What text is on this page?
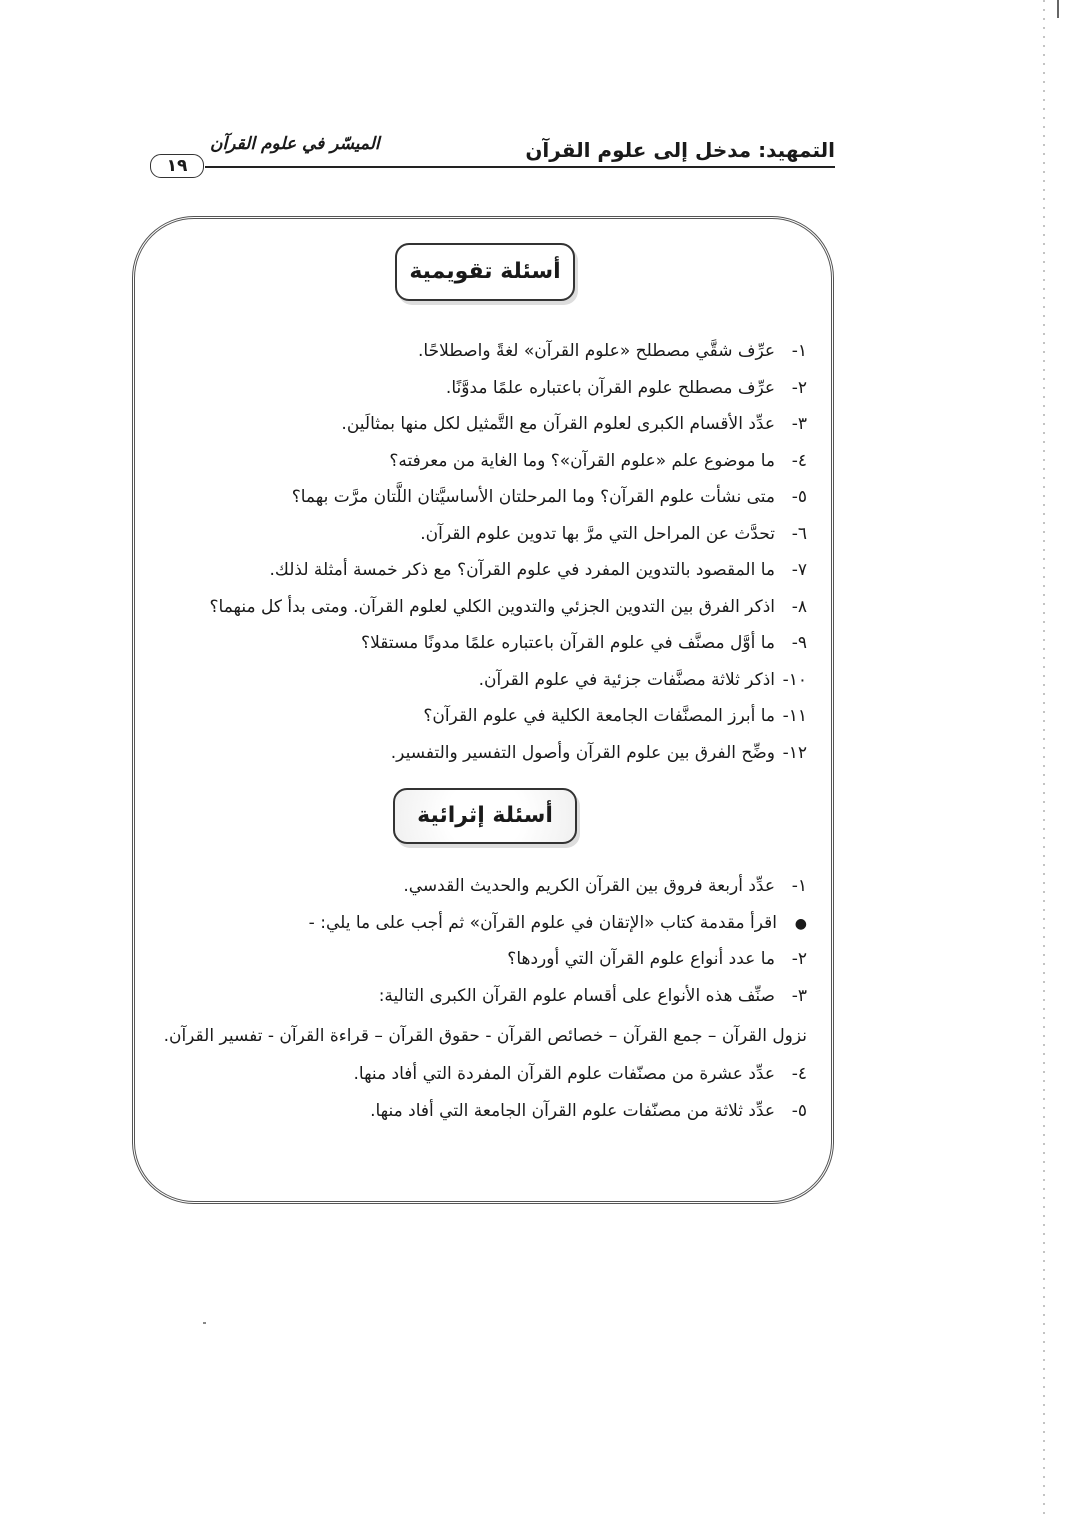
التمهيد: مدخل إلى علوم القرآن
الميسّر في علوم القرآن
١٩
أسئلة تقويمية
١-عرِّف شقَّي مصطلح «علوم القرآن» لغةً واصطلاحًا.
٢-عرِّف مصطلح علوم القرآن باعتباره علمًا مدوَّنًا.
٣-عدِّد الأقسام الكبرى لعلوم القرآن مع التَّمثيل لكل منها بمثالَين.
٤-ما موضوع علم «علوم القرآن»؟ وما الغاية من معرفته؟
٥-متى نشأت علوم القرآن؟ وما المرحلتان الأساسيَّتان اللَّتان مرَّت بهما؟
٦-تحدَّث عن المراحل التي مرَّ بها تدوين علوم القرآن.
٧-ما المقصود بالتدوين المفرد في علوم القرآن؟ مع ذكر خمسة أمثلة لذلك.
٨-اذكر الفرق بين التدوين الجزئي والتدوين الكلي لعلوم القرآن. ومتى بدأ كل منهما؟
٩-ما أوَّل مصنَّف في علوم القرآن باعتباره علمًا مدونًا مستقلا؟
١٠-اذكر ثلاثة مصنَّفات جزئية في علوم القرآن.
١١-ما أبرز المصنَّفات الجامعة الكلية في علوم القرآن؟
١٢-وضِّح الفرق بين علوم القرآن وأصول التفسير والتفسير.
أسئلة إثرائية
١-عدِّد أربعة فروق بين القرآن الكريم والحديث القدسي.
●اقرأ مقدمة كتاب «الإتقان في علوم القرآن» ثم أجب على ما يلي: -
٢-ما عدد أنواع علوم القرآن التي أوردها؟
٣-صنِّف هذه الأنواع على أقسام علوم القرآن الكبرى التالية:
نزول القرآن – جمع القرآن – خصائص القرآن - حقوق القرآن – قراءة القرآن - تفسير القرآن.
٤-عدِّد عشرة من مصنّفات علوم القرآن المفردة التي أفاد منها.
٥-عدِّد ثلاثة من مصنّفات علوم القرآن الجامعة التي أفاد منها.
